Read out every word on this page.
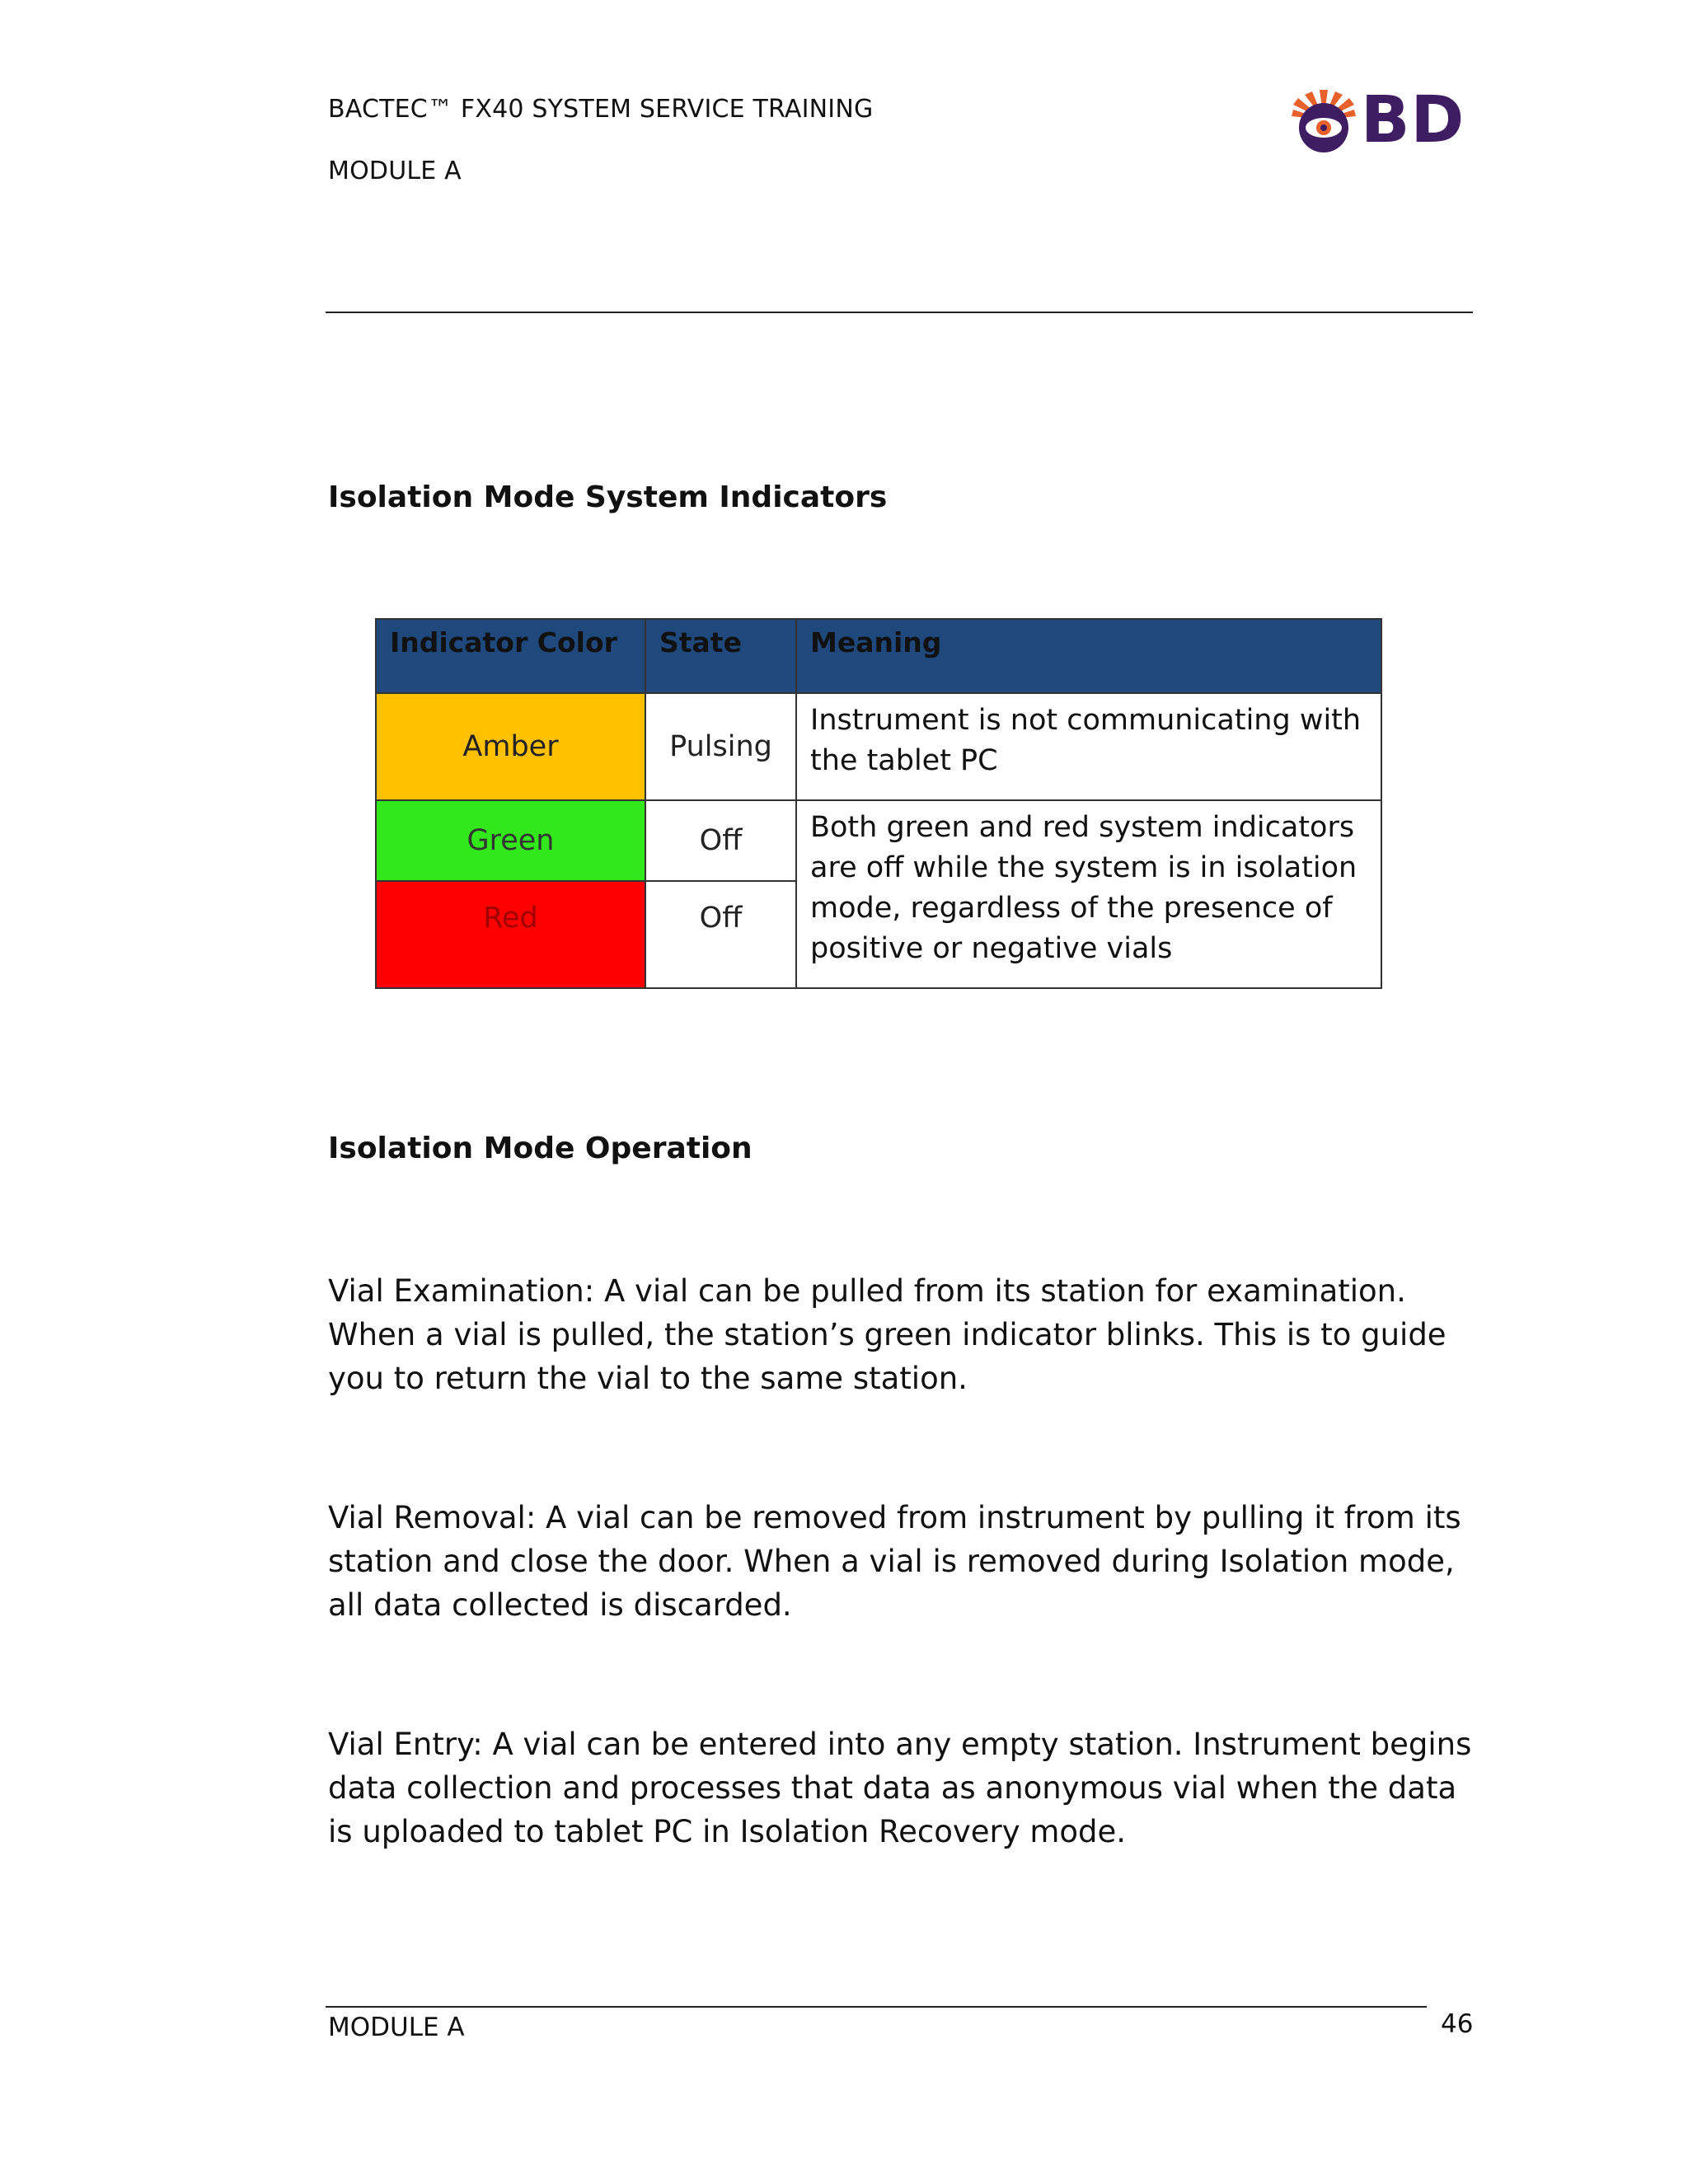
BACTEC™ FX40 SYSTEM SERVICE TRAINING
MODULE A
BD
Isolation Mode System Indicators
Indicator Color	State	Meaning
Amber	Pulsing	Instrument is not communicating with
the tablet PC

Green	Off	Both green and red system indicators
are off while the system is in isolation
mode, regardless of the presence of
positive or negative vials

Red	Off	
Isolation Mode Operation
Vial Examination: A vial can be pulled from its station for examination.
When a vial is pulled, the station’s green indicator blinks. This is to guide
you to return the vial to the same station.
Vial Removal: A vial can be removed from instrument by pulling it from its
station and close the door. When a vial is removed during Isolation mode,
all data collected is discarded.
Vial Entry: A vial can be entered into any empty station. Instrument begins
data collection and processes that data as anonymous vial when the data
is uploaded to tablet PC in Isolation Recovery mode.
MODULE A	46
